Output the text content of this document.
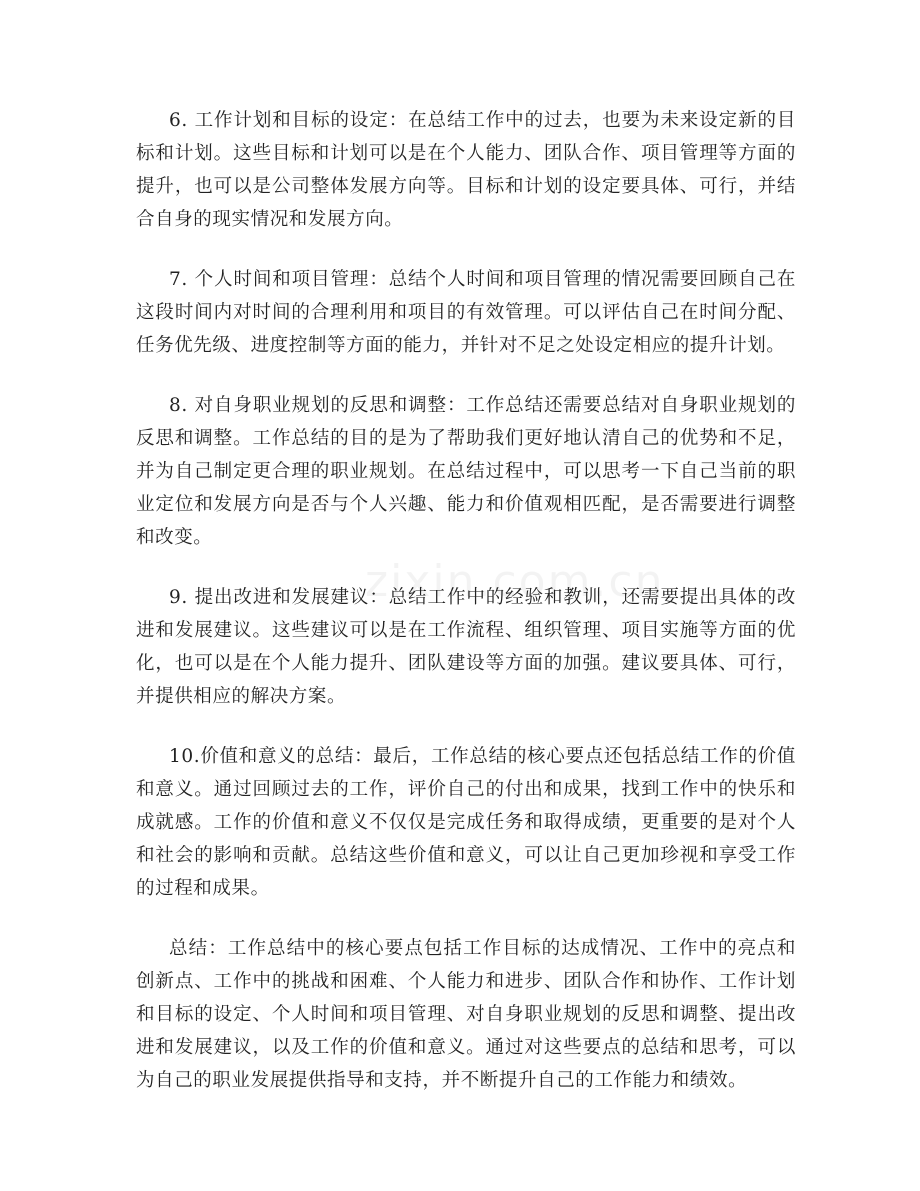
6. 工作计划和目标的设定：在总结工作中的过去，也要为未来设定新的目标和计划。这些目标和计划可以是在个人能力、团队合作、项目管理等方面的提升，也可以是公司整体发展方向等。目标和计划的设定要具体、可行，并结合自身的现实情况和发展方向。

7. 个人时间和项目管理：总结个人时间和项目管理的情况需要回顾自己在这段时间内对时间的合理利用和项目的有效管理。可以评估自己在时间分配、任务优先级、进度控制等方面的能力，并针对不足之处设定相应的提升计划。

8. 对自身职业规划的反思和调整：工作总结还需要总结对自身职业规划的反思和调整。工作总结的目的是为了帮助我们更好地认清自己的优势和不足，并为自己制定更合理的职业规划。在总结过程中，可以思考一下自己当前的职业定位和发展方向是否与个人兴趣、能力和价值观相匹配，是否需要进行调整和改变。

9. 提出改进和发展建议：总结工作中的经验和教训，还需要提出具体的改进和发展建议。这些建议可以是在工作流程、组织管理、项目实施等方面的优化，也可以是在个人能力提升、团队建设等方面的加强。建议要具体、可行，并提供相应的解决方案。

10.价值和意义的总结：最后，工作总结的核心要点还包括总结工作的价值和意义。通过回顾过去的工作，评价自己的付出和成果，找到工作中的快乐和成就感。工作的价值和意义不仅仅是完成任务和取得成绩，更重要的是对个人和社会的影响和贡献。总结这些价值和意义，可以让自己更加珍视和享受工作的过程和成果。

总结：工作总结中的核心要点包括工作目标的达成情况、工作中的亮点和创新点、工作中的挑战和困难、个人能力和进步、团队合作和协作、工作计划和目标的设定、个人时间和项目管理、对自身职业规划的反思和调整、提出改进和发展建议，以及工作的价值和意义。通过对这些要点的总结和思考，可以为自己的职业发展提供指导和支持，并不断提升自己的工作能力和绩效。
